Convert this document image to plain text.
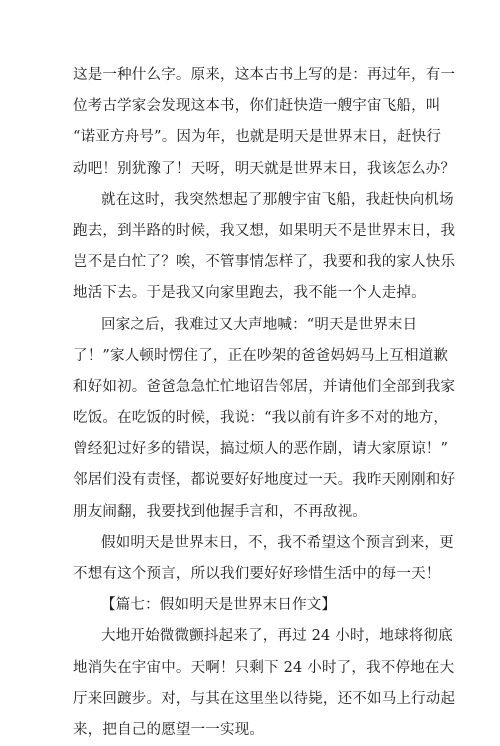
这是一种什么字。原来，这本古书上写的是：再过年，有一
位考古学家会发现这本书，你们赶快造一艘宇宙飞船，叫
“诺亚方舟号”。因为年，也就是明天是世界末日，赶快行
动吧！别犹豫了！天呀，明天就是世界末日，我该怎么办？
就在这时，我突然想起了那艘宇宙飞船，我赶快向机场
跑去，到半路的时候，我又想，如果明天不是世界末日，我
岂不是白忙了？唉，不管事情怎样了，我要和我的家人快乐
地活下去。于是我又向家里跑去，我不能一个人走掉。
回家之后，我难过又大声地喊：“明天是世界末日
了！”家人顿时愣住了，正在吵架的爸爸妈妈马上互相道歉
和好如初。爸爸急急忙忙地诏告邻居，并请他们全部到我家
吃饭。在吃饭的时候，我说：“我以前有许多不对的地方，
曾经犯过好多的错误，搞过烦人的恶作剧，请大家原谅！”
邻居们没有责怪，都说要好好地度过一天。我昨天刚刚和好
朋友闹翻，我要找到他握手言和，不再敌视。
假如明天是世界末日，不，我不希望这个预言到来，更
不想有这个预言，所以我们要好好珍惜生活中的每一天！
【篇七：假如明天是世界末日作文】
大地开始微微颤抖起来了，再过 24 小时，地球将彻底
地消失在宇宙中。天啊！只剩下 24 小时了，我不停地在大
厅来回踱步。对，与其在这里坐以待毙，还不如马上行动起
来，把自己的愿望一一实现。
